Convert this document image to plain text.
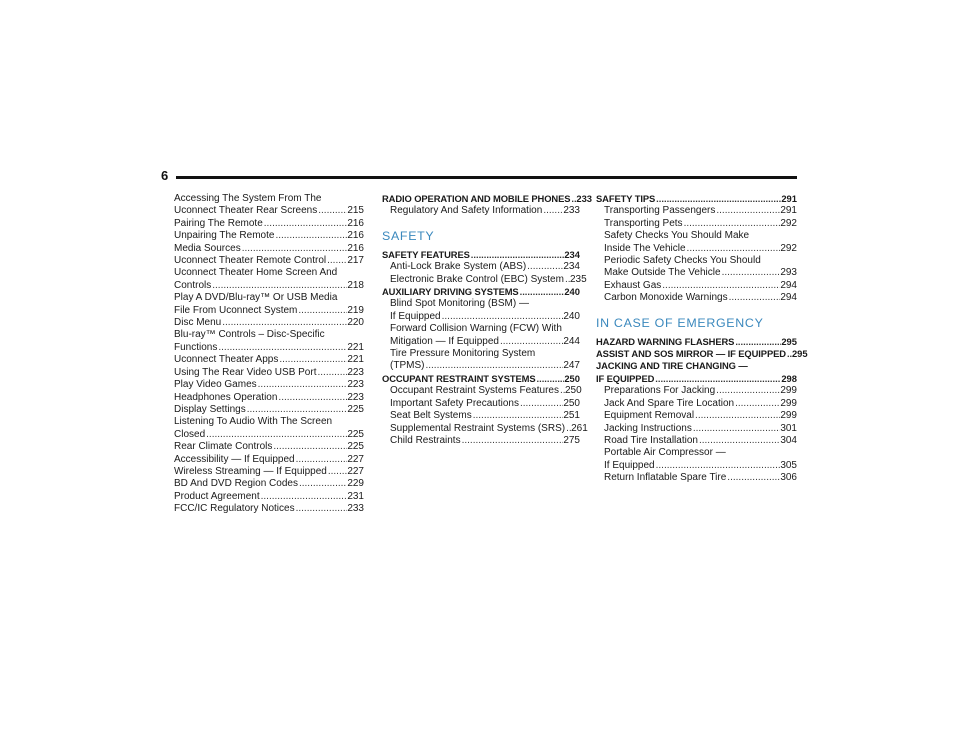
6
Accessing The System From The
Uconnect Theater Rear Screens .....	215
Pairing The Remote .....	216
Unpairing The Remote .....	216
Media Sources .....	216
Uconnect Theater Remote Control ..... 217
Uconnect Theater Home Screen And
Controls .....	218
Play A DVD/Blu-ray™ Or USB Media
File From Uconnect System .....	219
Disc Menu .....	220
Blu-ray™ Controls – Disc-Specific
Functions .....	221
Uconnect Theater Apps .....	221
Using The Rear Video USB Port .....	223
Play Video Games .....	223
Headphones Operation .....	223
Display Settings .....	225
Listening To Audio With The Screen
Closed .....	225
Rear Climate Controls .....	225
Accessibility — If Equipped .....	227
Wireless Streaming — If Equipped ..... 227
BD And DVD Region Codes .....	229
Product Agreement .....	231
FCC/IC Regulatory Notices .....	233
RADIO OPERATION AND MOBILE PHONES ..... 233
Regulatory And Safety Information ..... 233
SAFETY
SAFETY FEATURES .....	234
Anti-Lock Brake System (ABS) .....	234
Electronic Brake Control (EBC) System ..... 235
AUXILIARY DRIVING SYSTEMS .....	240
Blind Spot Monitoring (BSM) —
If Equipped .....	240
Forward Collision Warning (FCW) With
Mitigation — If Equipped .....	244
Tire Pressure Monitoring System
(TPMS) .....	247
OCCUPANT RESTRAINT SYSTEMS .....	250
Occupant Restraint Systems Features ..... 250
Important Safety Precautions .....	250
Seat Belt Systems .....	251
Supplemental Restraint Systems (SRS) ..... 261
Child Restraints .....	275
SAFETY TIPS .....	291
Transporting Passengers .....	291
Transporting Pets .....	292
Safety Checks You Should Make
Inside The Vehicle .....	292
Periodic Safety Checks You Should
Make Outside The Vehicle .....	293
Exhaust Gas .....	294
Carbon Monoxide Warnings .....	294
IN CASE OF EMERGENCY
HAZARD WARNING FLASHERS .....	295
ASSIST AND SOS MIRROR — IF EQUIPPED ..... 295
JACKING AND TIRE CHANGING —
IF EQUIPPED .....	298
Preparations For Jacking .....	299
Jack And Spare Tire Location .....	299
Equipment Removal .....	299
Jacking Instructions .....	301
Road Tire Installation .....	304
Portable Air Compressor —
If Equipped .....	305
Return Inflatable Spare Tire .....	306
